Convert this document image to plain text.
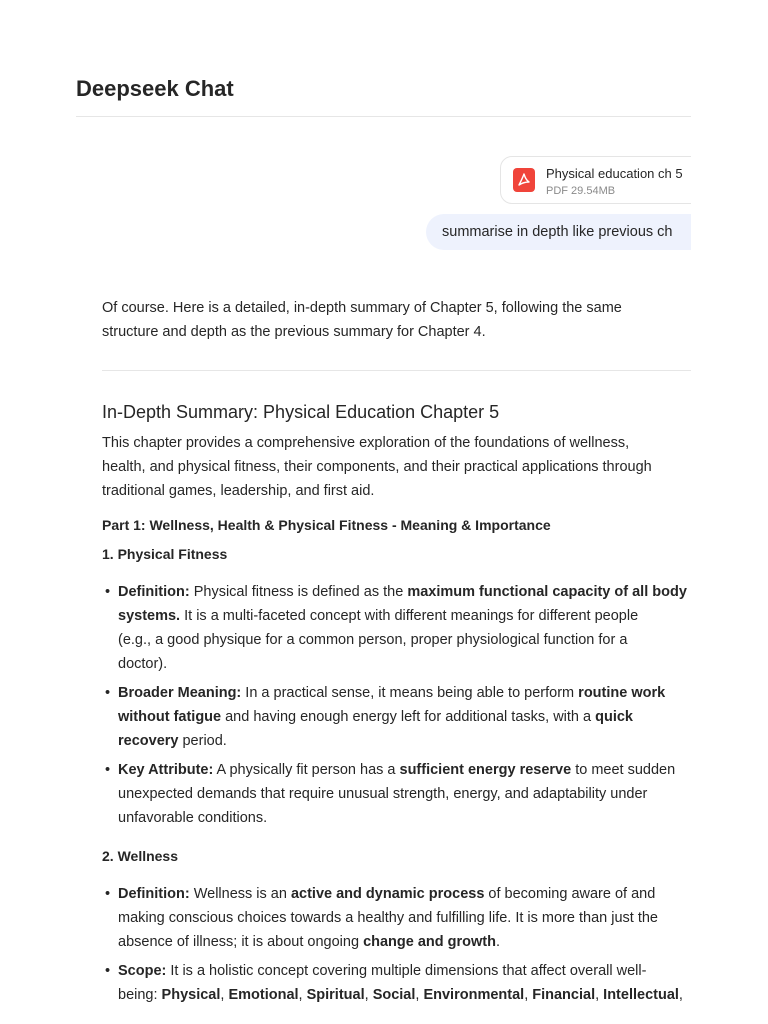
Deepseek Chat
Physical education ch 5
PDF 29.54MB
summarise in depth like previous ch

Of course. Here is a detailed, in-depth summary of Chapter 5, following the same

structure and depth as the previous summary for Chapter 4.

In-Depth Summary: Physical Education Chapter 5

This chapter provides a comprehensive exploration of the foundations of wellness,

health, and physical fitness, their components, and their practical applications through

traditional games, leadership, and first aid.

Part 1: Wellness, Health & Physical Fitness - Meaning & Importance
1. Physical Fitness
• Definition: Physical fitness is defined as the maximum functional capacity of all body
systems. It is a multi-faceted concept with different meanings for different people
(e.g., a good physique for a common person, proper physiological function for a
doctor).
• Broader Meaning: In a practical sense, it means being able to perform routine work
without fatigue and having enough energy left for additional tasks, with a quick
recovery period.
• Key Attribute: A physically fit person has a sufficient energy reserve to meet sudden
unexpected demands that require unusual strength, energy, and adaptability under
unfavorable conditions.
2. Wellness
• Definition: Wellness is an active and dynamic process of becoming aware of and
making conscious choices towards a healthy and fulfilling life. It is more than just the
absence of illness; it is about ongoing change and growth.
• Scope: It is a holistic concept covering multiple dimensions that affect overall well-
being: Physical, Emotional, Spiritual, Social, Environmental, Financial, Intellectual,
